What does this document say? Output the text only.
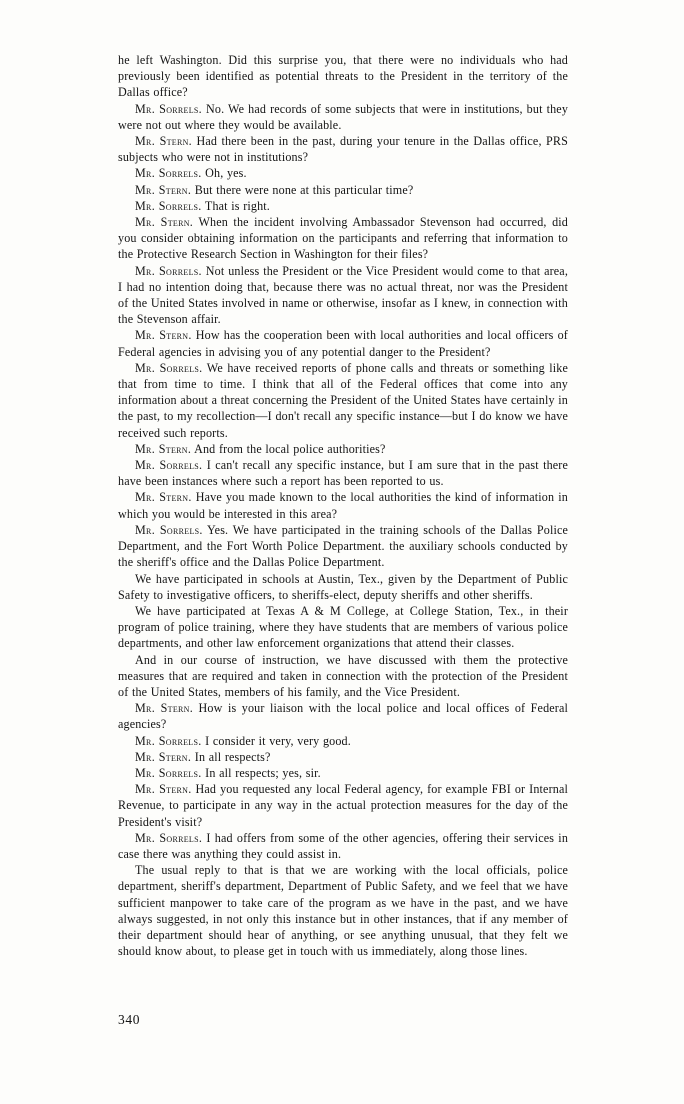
he left Washington. Did this surprise you, that there were no individuals who had previously been identified as potential threats to the President in the territory of the Dallas office?

Mr. Sorrels. No. We had records of some subjects that were in institutions, but they were not out where they would be available.

Mr. Stern. Had there been in the past, during your tenure in the Dallas office, PRS subjects who were not in institutions?

Mr. Sorrels. Oh, yes.

Mr. Stern. But there were none at this particular time?

Mr. Sorrels. That is right.

Mr. Stern. When the incident involving Ambassador Stevenson had occurred, did you consider obtaining information on the participants and referring that information to the Protective Research Section in Washington for their files?

Mr. Sorrels. Not unless the President or the Vice President would come to that area, I had no intention doing that, because there was no actual threat, nor was the President of the United States involved in name or otherwise, insofar as I knew, in connection with the Stevenson affair.

Mr. Stern. How has the cooperation been with local authorities and local officers of Federal agencies in advising you of any potential danger to the President?

Mr. Sorrels. We have received reports of phone calls and threats or something like that from time to time. I think that all of the Federal offices that come into any information about a threat concerning the President of the United States have certainly in the past, to my recollection—I don't recall any specific instance—but I do know we have received such reports.

Mr. Stern. And from the local police authorities?

Mr. Sorrels. I can't recall any specific instance, but I am sure that in the past there have been instances where such a report has been reported to us.

Mr. Stern. Have you made known to the local authorities the kind of information in which you would be interested in this area?

Mr. Sorrels. Yes. We have participated in the training schools of the Dallas Police Department, and the Fort Worth Police Department. the auxiliary schools conducted by the sheriff's office and the Dallas Police Department.

We have participated in schools at Austin, Tex., given by the Department of Public Safety to investigative officers, to sheriffs-elect, deputy sheriffs and other sheriffs.

We have participated at Texas A & M College, at College Station, Tex., in their program of police training, where they have students that are members of various police departments, and other law enforcement organizations that attend their classes.

And in our course of instruction, we have discussed with them the protective measures that are required and taken in connection with the protection of the President of the United States, members of his family, and the Vice President.

Mr. Stern. How is your liaison with the local police and local offices of Federal agencies?

Mr. Sorrels. I consider it very, very good.

Mr. Stern. In all respects?

Mr. Sorrels. In all respects; yes, sir.

Mr. Stern. Had you requested any local Federal agency, for example FBI or Internal Revenue, to participate in any way in the actual protection measures for the day of the President's visit?

Mr. Sorrels. I had offers from some of the other agencies, offering their services in case there was anything they could assist in.

The usual reply to that is that we are working with the local officials, police department, sheriff's department, Department of Public Safety, and we feel that we have sufficient manpower to take care of the program as we have in the past, and we have always suggested, in not only this instance but in other instances, that if any member of their department should hear of anything, or see anything unusual, that they felt we should know about, to please get in touch with us immediately, along those lines.

340
